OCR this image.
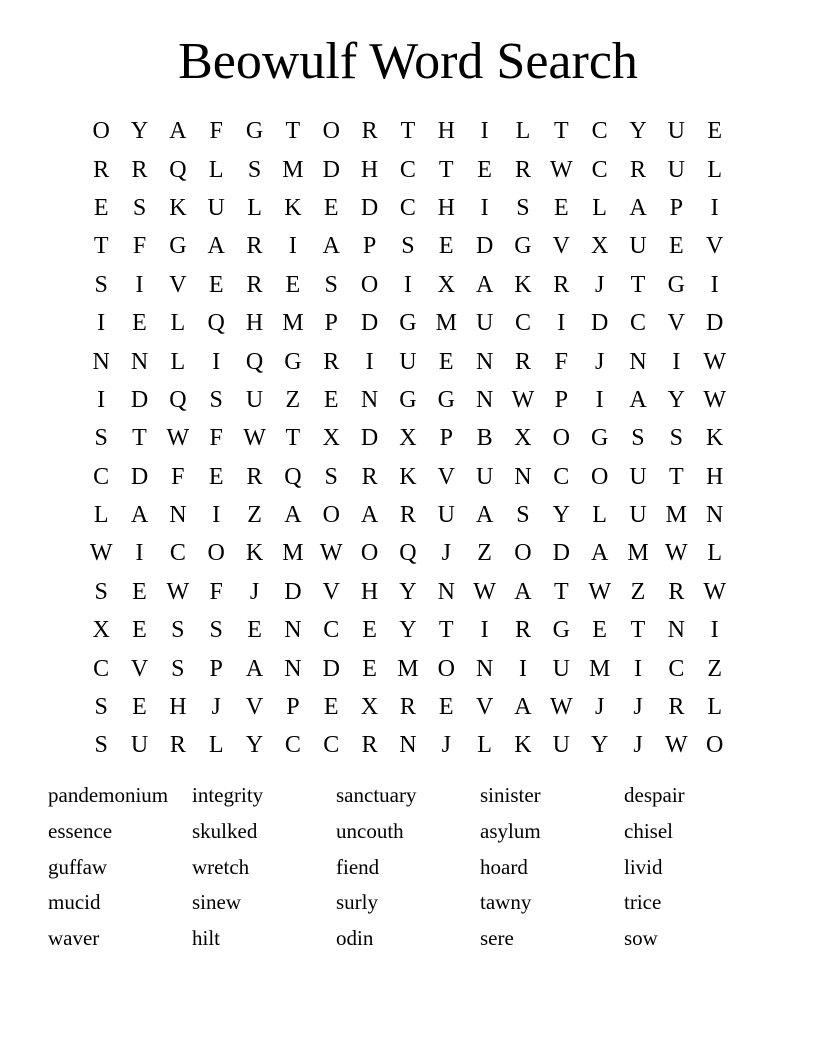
Beowulf Word Search
O Y A F G T O R T H	I	L T C Y U E
R R Q L	S M D H C T E R W C R U L
E	S K U L K E D C H	I	S	E L A P	I
T	F G A R	I	A P	S	E D G V X U E V
S	I	V E R E	S O	I	X A K R	J	T G	I
I	E L Q H M P D G M U C	I	D C V D
N N L	I	Q G R	I	U E N R F	J	N	I W
I	D Q S U Z E N G G N W P	I	A Y W
S	T W F W T X D X P B X O G S	S K
C D F	E R Q S R K V U N C O U T H
L A N	I	Z A O A R U A S Y L U M N
W I	C O K M W O Q	J	Z O D A M W L
S	E W F	J	D V H Y N W A T W Z R W
X E	S	S	E N C E Y T	I	R G E T N	I
C V S	P A N D E M O N	I	U M I	C Z
S	E H	J	V P	E X R E V A W J	J	R L
S U R L Y C C R N	J	L K U Y	J W O
pandemonium	integrity	sanctuary	sinister	despair
essence	skulked	uncouth	asylum	chisel
guffaw	wretch	fiend	hoard	livid
mucid	sinew	surly	tawny	trice
waver	hilt	odin	sere	sow
